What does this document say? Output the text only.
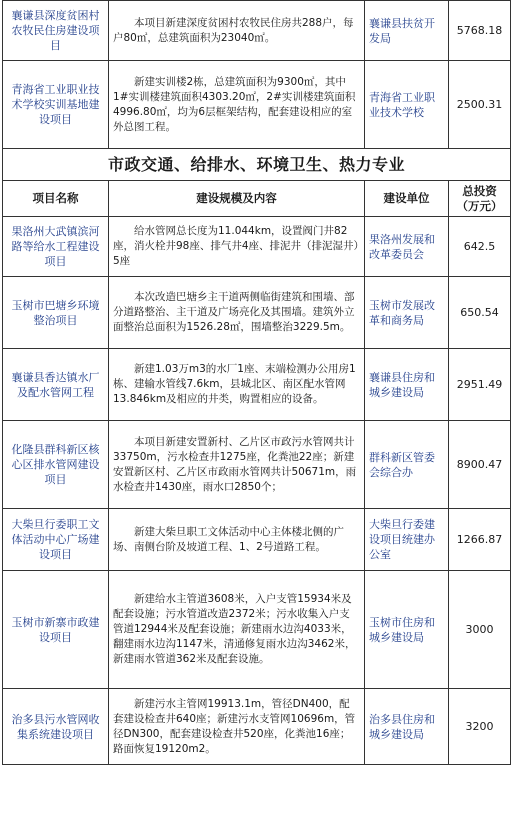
襄谦县深度贫困村农牧民住房建设项目	本项目新建深度贫困村农牧民住房共288户，每户80㎡，总建筑面积为23040㎡。	襄谦县扶贫开发局	5768.18
青海省工业职业技术学校实训基地建设项目	新建实训楼2栋，总建筑面积为9300㎡，其中1#实训楼建筑面积4303.20㎡，2#实训楼建筑面积4996.80㎡，均为6层框架结构，配套建设相应的室外总图工程。	青海省工业职业技术学校	2500.31
市政交通、给排水、环境卫生、热力专业			
项目名称	建设规模及内容	建设单位	总投资（万元）
果洛州大武镇滨河路等给水工程建设项目	给水管网总长度为11.044km，设置阀门井82座，消火栓井98座、排气井4座、排泥井（排泥湿井）5座	果洛州发展和改革委员会	642.5
玉树市巴塘乡环境整治项目	本次改造巴塘乡主干道两侧临街建筑和围墙、部分道路整治、主干道及广场亮化及其围墙。建筑外立面整治总面积为1526.28㎡，围墙整治3229.5m。	玉树市发展改革和商务局	650.54
襄谦县香达镇水厂及配水管网工程	新建1.03万m3的水厂1座、末端检测办公用房1栋、建输水管线7.6km，县城北区、南区配水管网13.846km及相应的井类，购置相应的设备。	襄谦县住房和城乡建设局	2951.49
化隆县群科新区核心区排水管网建设项目	本项目新建安置新村、乙片区市政污水管网共计33750m，污水检查井1275座，化粪池22座；新建安置新区村、乙片区市政雨水管网共计50671m，雨水检查井1430座，雨水口2850个；	群科新区管委会综合办	8900.47
大柴旦行委职工文体活动中心广场建设项目	新建大柴旦职工文体活动中心主体楼北侧的广场、南侧台阶及坡道工程、1、2号道路工程。	大柴旦行委建设项目统建办公室	1266.87
玉树市新寨市政建设项目	新建给水主管道3608米，入户支管15934米及配套设施；污水管道改造2372米；污水收集入户支管道12944米及配套设施；新建雨水边沟4033米，翻建雨水边沟1147米，清通修复雨水边沟3462米，新建雨水管道362米及配套设施。	玉树市住房和城乡建设局	3000
治多县污水管网收集系统建设项目	新建污水主管网19913.1m，管径DN400，配套建设检查井640座；新建污水支管网10696m，管径DN300，配套建设检查井520座，化粪池16座；路面恢复19120m2。	治多县住房和城乡建设局	3200
